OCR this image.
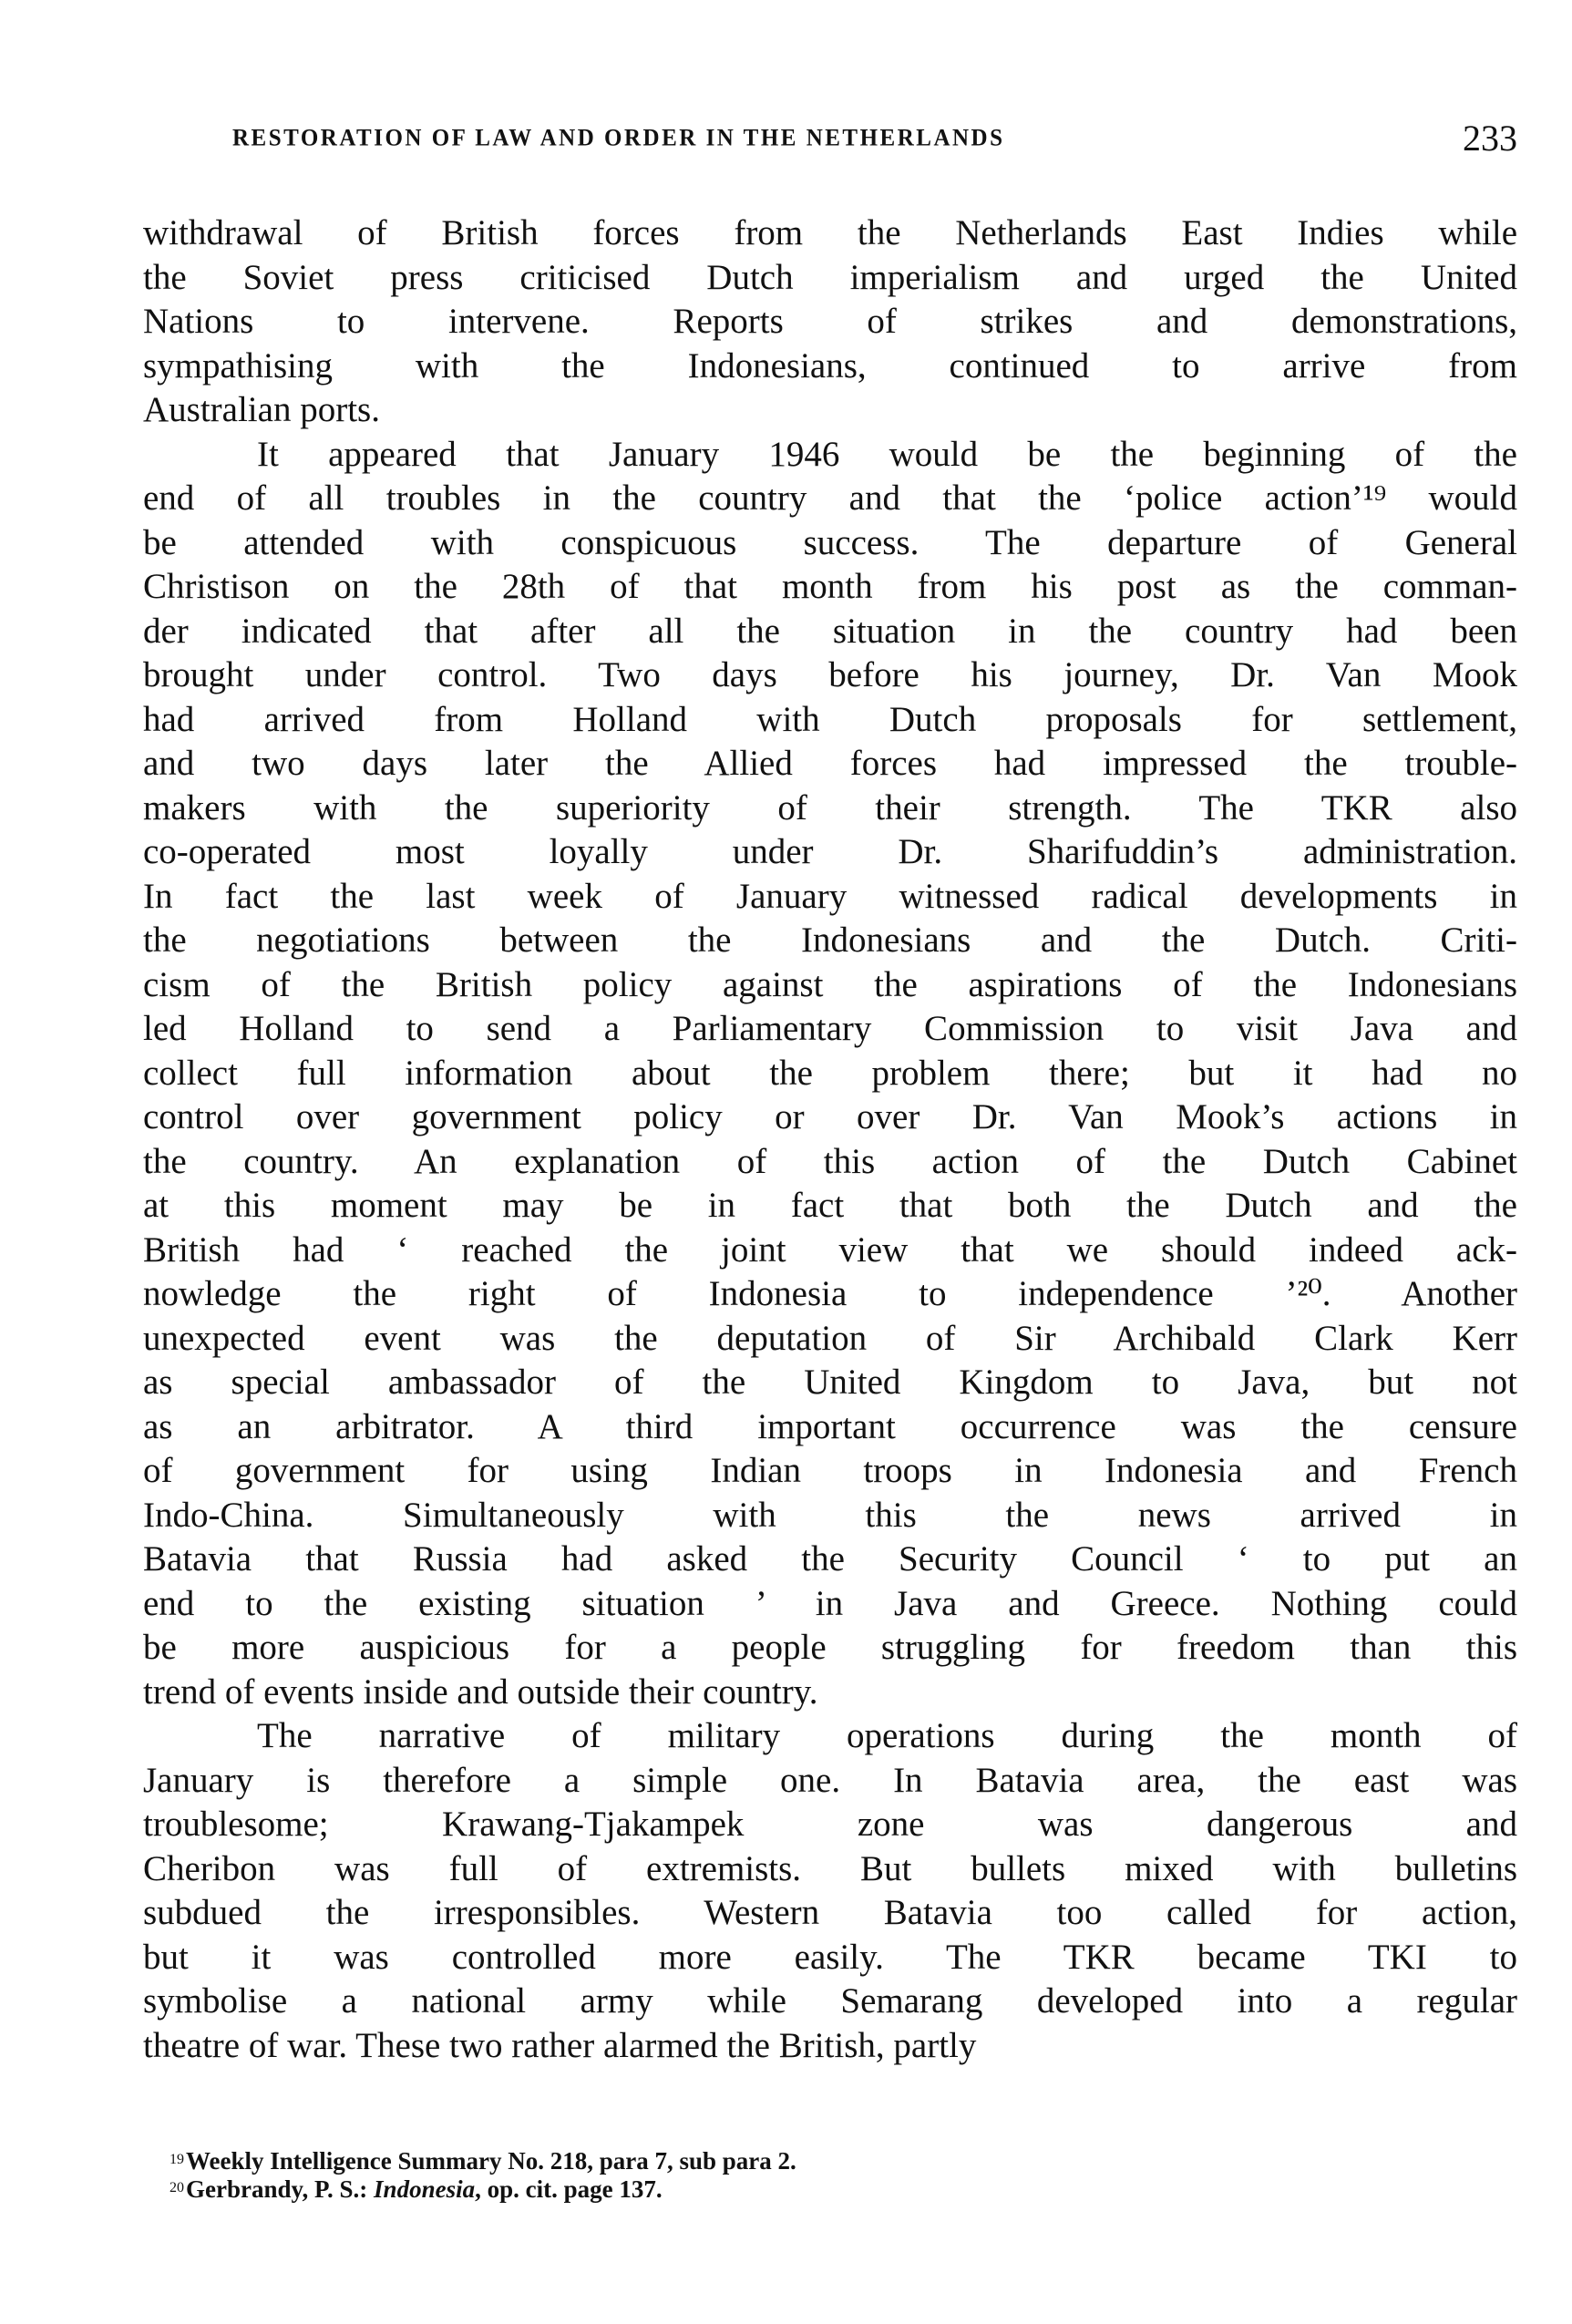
RESTORATION OF LAW AND ORDER IN THE NETHERLANDS	233
withdrawal of British forces from the Netherlands East Indies while
the Soviet press criticised Dutch imperialism and urged the United
Nations to intervene. Reports of strikes and demonstrations,
sympathising with the Indonesians, continued to arrive from
Australian ports.
It appeared that January 1946 would be the beginning of the
end of all troubles in the country and that the ‘police action’¹⁹ would
be attended with conspicuous success. The departure of General
Christison on the 28th of that month from his post as the comman-
der indicated that after all the situation in the country had been
brought under control. Two days before his journey, Dr. Van Mook
had arrived from Holland with Dutch proposals for settlement,
and two days later the Allied forces had impressed the trouble-
makers with the superiority of their strength. The TKR also
co-operated most loyally under Dr. Sharifuddin’s administration.
In fact the last week of January witnessed radical developments in
the negotiations between the Indonesians and the Dutch. Criti-
cism of the British policy against the aspirations of the Indonesians
led Holland to send a Parliamentary Commission to visit Java and
collect full information about the problem there; but it had no
control over government policy or over Dr. Van Mook’s actions in
the country. An explanation of this action of the Dutch Cabinet
at this moment may be in fact that both the Dutch and the
British had ‘ reached the joint view that we should indeed ack-
nowledge the right of Indonesia to independence ’²⁰. Another
unexpected event was the deputation of Sir Archibald Clark Kerr
as special ambassador of the United Kingdom to Java, but not
as an arbitrator. A third important occurrence was the censure
of government for using Indian troops in Indonesia and French
Indo-China. Simultaneously with this the news arrived in
Batavia that Russia had asked the Security Council ‘ to put an
end to the existing situation ’ in Java and Greece. Nothing could
be more auspicious for a people struggling for freedom than this
trend of events inside and outside their country.
The narrative of military operations during the month of
January is therefore a simple one. In Batavia area, the east was
troublesome; Krawang-Tjakampek zone was dangerous and
Cheribon was full of extremists. But bullets mixed with bulletins
subdued the irresponsibles. Western Batavia too called for action,
but it was controlled more easily. The TKR became TKI to
symbolise a national army while Semarang developed into a regular
theatre of war. These two rather alarmed the British, partly
$^{19}$Weekly Intelligence Summary No. 218, para 7, sub para 2.
$^{20}$Gerbrandy, P. S.: Indonesia, op. cit. page 137.
